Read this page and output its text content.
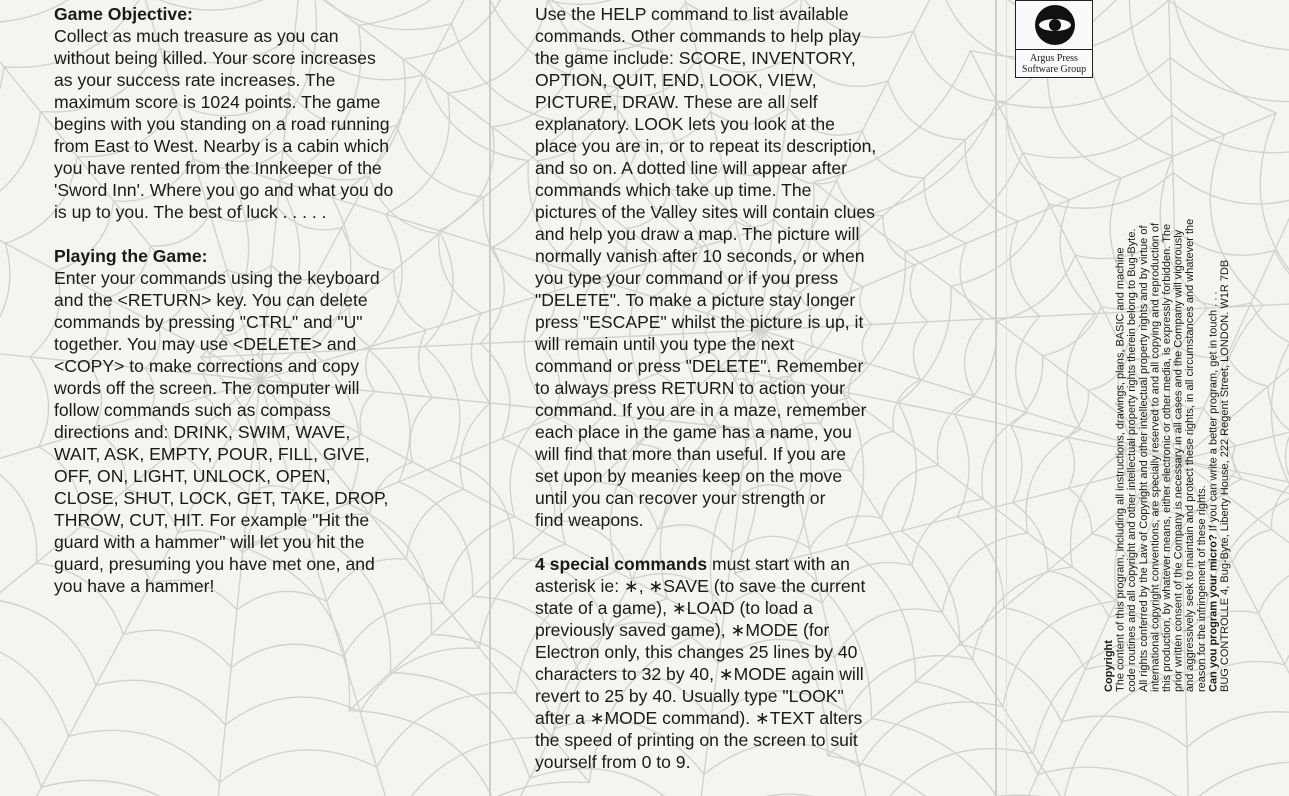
Game Objective:

Collect as much treasure as you can

without being killed. Your score increases

as your success rate increases. The

maximum score is 1024 points. The game

begins with you standing on a road running

from East to West. Nearby is a cabin which

you have rented from the Innkeeper of the

'Sword Inn'. Where you go and what you do

is up to you. The best of luck . . . . .

Playing the Game:

Enter your commands using the keyboard

and the <RETURN> key. You can delete

commands by pressing "CTRL" and "U"

together. You may use <DELETE> and

<COPY> to make corrections and copy

words off the screen. The computer will

follow commands such as compass

directions and: DRINK, SWIM, WAVE,

WAIT, ASK, EMPTY, POUR, FILL, GIVE,

OFF, ON, LIGHT, UNLOCK, OPEN,

CLOSE, SHUT, LOCK, GET, TAKE, DROP,

THROW, CUT, HIT. For example "Hit the

guard with a hammer" will let you hit the

guard, presuming you have met one, and

you have a hammer!

Use the HELP command to list available

commands. Other commands to help play

the game include: SCORE, INVENTORY,

OPTION, QUIT, END, LOOK, VIEW,

PICTURE, DRAW. These are all self

explanatory. LOOK lets you look at the

place you are in, or to repeat its description,

and so on. A dotted line will appear after

commands which take up time. The

pictures of the Valley sites will contain clues

and help you draw a map. The picture will

normally vanish after 10 seconds, or when

you type your command or if you press

"DELETE". To make a picture stay longer

press "ESCAPE" whilst the picture is up, it

will remain until you type the next

command or press "DELETE". Remember

to always press RETURN to action your

command. If you are in a maze, remember

each place in the game has a name, you

will find that more than useful. If you are

set upon by meanies keep on the move

until you can recover your strength or

find weapons.

4 special commands must start with an

asterisk ie: ∗, ∗SAVE (to save the current

state of a game), ∗LOAD (to load a

previously saved game), ∗MODE (for

Electron only, this changes 25 lines by 40

characters to 32 by 40, ∗MODE again will

revert to 25 by 40. Usually type "LOOK"

after a ∗MODE command). ∗TEXT alters

the speed of printing on the screen to suit

yourself from 0 to 9.

Argus Press
Software Group

Copyright The content of this program, including all instructions, drawings, plans, BASIC and machine code routines and all copyright and other intellectual property rights therein belong to Bug-Byte. All rights conferred by the Law of Copyright and other intellectual property rights and by virtue of international copyright conventions, are specially reserved to and all copying and reproduction of this production, by whatever means, either electronic or other media, is expressly forbidden. The prior written consent of the Company is necessary in all cases and the Company will vigorously and aggressively seek to maintain and protect these rights, in all circumstances and whatever the reason for the infringement of these rights. Can you program your micro? If you can write a better program, get in touch . . . BUG CONTROLLE 4, Bug-Byte, Liberty House, 222 Regent Street, LONDON. W1R 7DB
